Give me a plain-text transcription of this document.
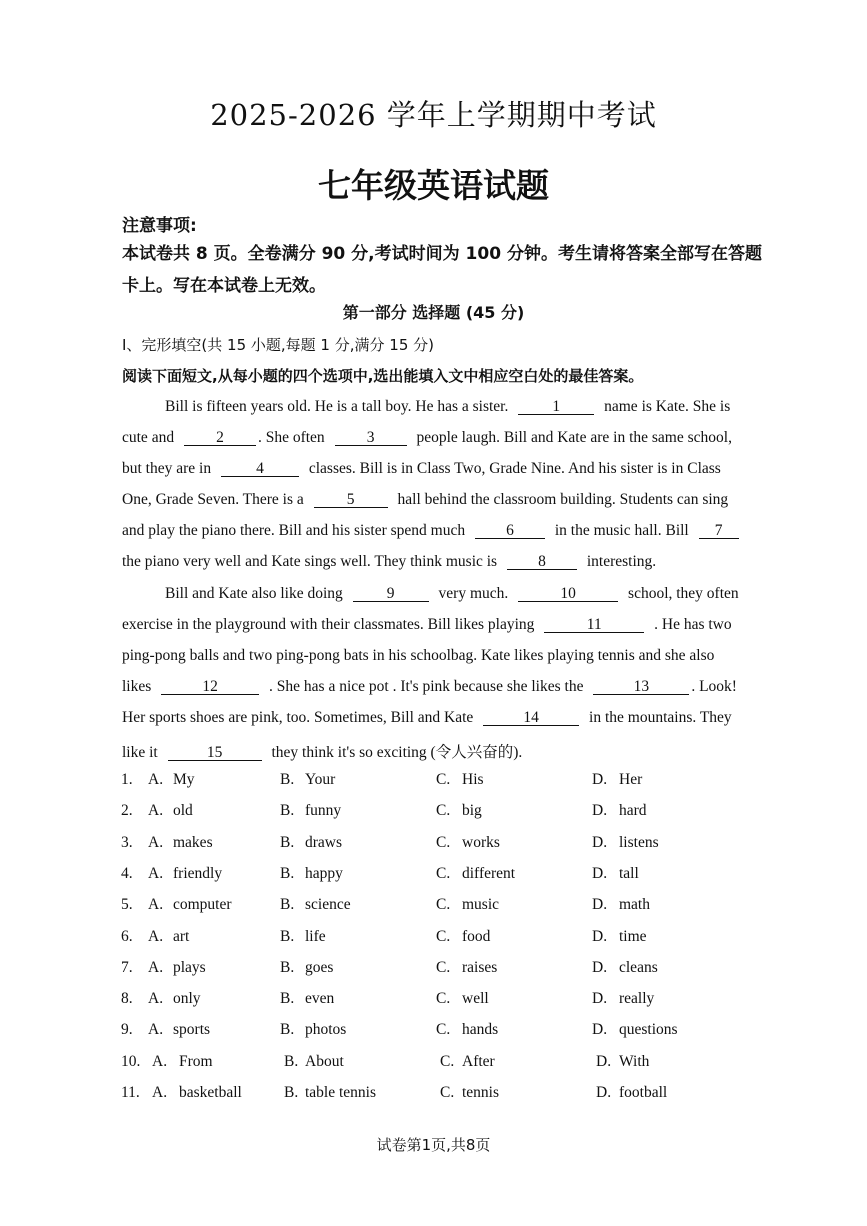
2025-2026 学年上学期期中考试
七年级英语试题
注意事项:
本试卷共 8 页。全卷满分 90 分,考试时间为 100 分钟。考生请将答案全部写在答题卡上。写在本试卷上无效。
第一部分 选择题 (45 分)
Ⅰ、完形填空(共 15 小题,每题 1 分,满分 15 分)
阅读下面短文,从每小题的四个选项中,选出能填入文中相应空白处的最佳答案。
Bill is fifteen years old. He is a tall boy. He has a sister.	1	name is Kate. She is
cute and	2 . She often	3	people laugh. Bill and Kate are in the same school,
but they are in	4	classes. Bill is in Class Two, Grade Nine. And his sister is in Class
One, Grade Seven. There is a	5	hall behind the classroom building. Students can sing
and play the piano there. Bill and his sister spend much	6	in the music hall. Bill 7
the piano very well and Kate sings well. They think music is	8	interesting.
Bill and Kate also like doing	9	very much.	10	school, they often
exercise in the playground with their classmates. Bill likes playing	11	. He has two
ping-pong balls and two ping-pong bats in his schoolbag. Kate likes playing tennis and she also
likes	12	. She has a nice pot . It's pink because she likes the	13	. Look!
Her sports shoes are pink, too. Sometimes, Bill and Kate	14	in the mountains. They
like it	15	they think it's so exciting (令人兴奋的).
1. A. My	B. Your	C. His	D. Her
2. A. old	B. funny	C. big	D. hard
3. A. makes	B. draws	C. works	D. listens
4. A. friendly	B. happy	C. different	D. tall
5. A. computer	B. science	C. music	D. math
6. A. art	B. life	C. food	D. time
7. A. plays	B. goes	C. raises	D. cleans
8. A. only	B. even	C. well	D. really
9. A. sports	B. photos	C. hands	D. questions
10. A. From	B. About	C. After	D. With
11. A. basketball	B. table tennis	C. tennis	D. football
试卷第1页,共8页
